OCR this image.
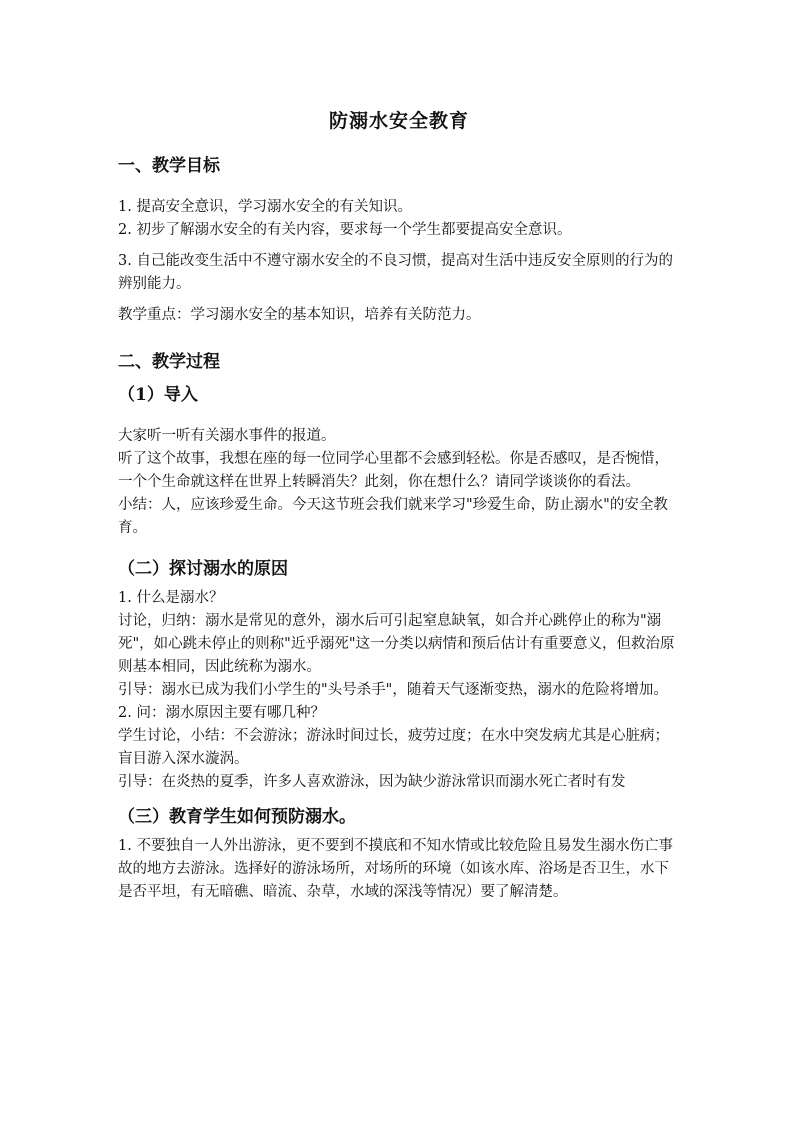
防溺水安全教育
一、教学目标

1. 提高安全意识，学习溺水安全的有关知识。

2. 初步了解溺水安全的有关内容，要求每一个学生都要提高安全意识。

3. 自己能改变生活中不遵守溺水安全的不良习惯，提高对生活中违反安全原则的行为的辨别能力。

教学重点：学习溺水安全的基本知识，培养有关防范力。

二、教学过程
（1）导入

大家听一听有关溺水事件的报道。

听了这个故事，我想在座的每一位同学心里都不会感到轻松。你是否感叹，是否惋惜，一个个生命就这样在世界上转瞬消失？此刻，你在想什么？请同学谈谈你的看法。

小结：人，应该珍爱生命。今天这节班会我们就来学习"珍爱生命，防止溺水"的安全教育。

（二）探讨溺水的原因

1. 什么是溺水？

讨论，归纳：溺水是常见的意外，溺水后可引起窒息缺氧，如合并心跳停止的称为"溺死"，如心跳未停止的则称"近乎溺死"这一分类以病情和预后估计有重要意义，但救治原则基本相同，因此统称为溺水。

引导：溺水已成为我们小学生的"头号杀手"，随着天气逐渐变热，溺水的危险将增加。

2. 问：溺水原因主要有哪几种？

学生讨论，小结：不会游泳；游泳时间过长，疲劳过度；在水中突发病尤其是心脏病；盲目游入深水漩涡。

引导：在炎热的夏季，许多人喜欢游泳，因为缺少游泳常识而溺水死亡者时有发

（三）教育学生如何预防溺水。

1. 不要独自一人外出游泳，更不要到不摸底和不知水情或比较危险且易发生溺水伤亡事故的地方去游泳。选择好的游泳场所，对场所的环境（如该水库、浴场是否卫生，水下是否平坦，有无暗礁、暗流、杂草，水域的深浅等情况）要了解清楚。
